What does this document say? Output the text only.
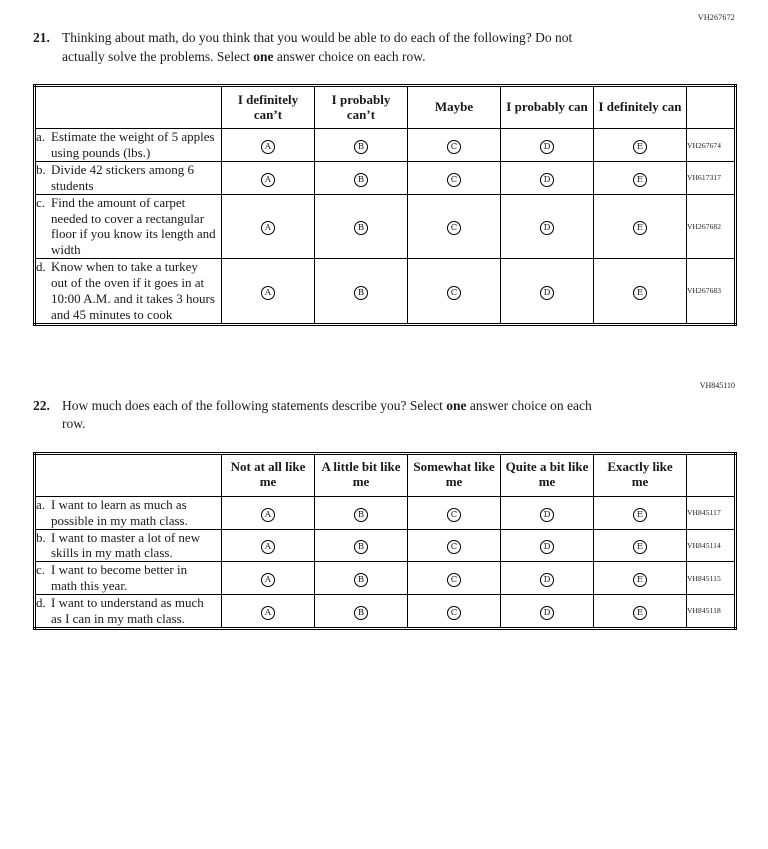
VH267672
21. Thinking about math, do you think that you would be able to do each of the following? Do not actually solve the problems. Select one answer choice on each row.
	I definitely can’t	I probably can’t	Maybe	I probably can	I definitely can	
a. Estimate the weight of 5 apples using pounds (lbs.)	A	B	C	D	E	VH267674
b. Divide 42 stickers among 6 students	A	B	C	D	E	VH617317
c. Find the amount of carpet needed to cover a rectangular floor if you know its length and width	A	B	C	D	E	VH267682
d. Know when to take a turkey out of the oven if it goes in at 10:00 A.M. and it takes 3 hours and 45 minutes to cook	A	B	C	D	E	VH267683
VH845110
22. How much does each of the following statements describe you? Select one answer choice on each row.
	Not at all like me	A little bit like me	Somewhat like me	Quite a bit like me	Exactly like me	
a. I want to learn as much as possible in my math class.	A	B	C	D	E	VH845117
b. I want to master a lot of new skills in my math class.	A	B	C	D	E	VH845114
c. I want to become better in math this year.	A	B	C	D	E	VH845115
d. I want to understand as much as I can in my math class.	A	B	C	D	E	VH845118
